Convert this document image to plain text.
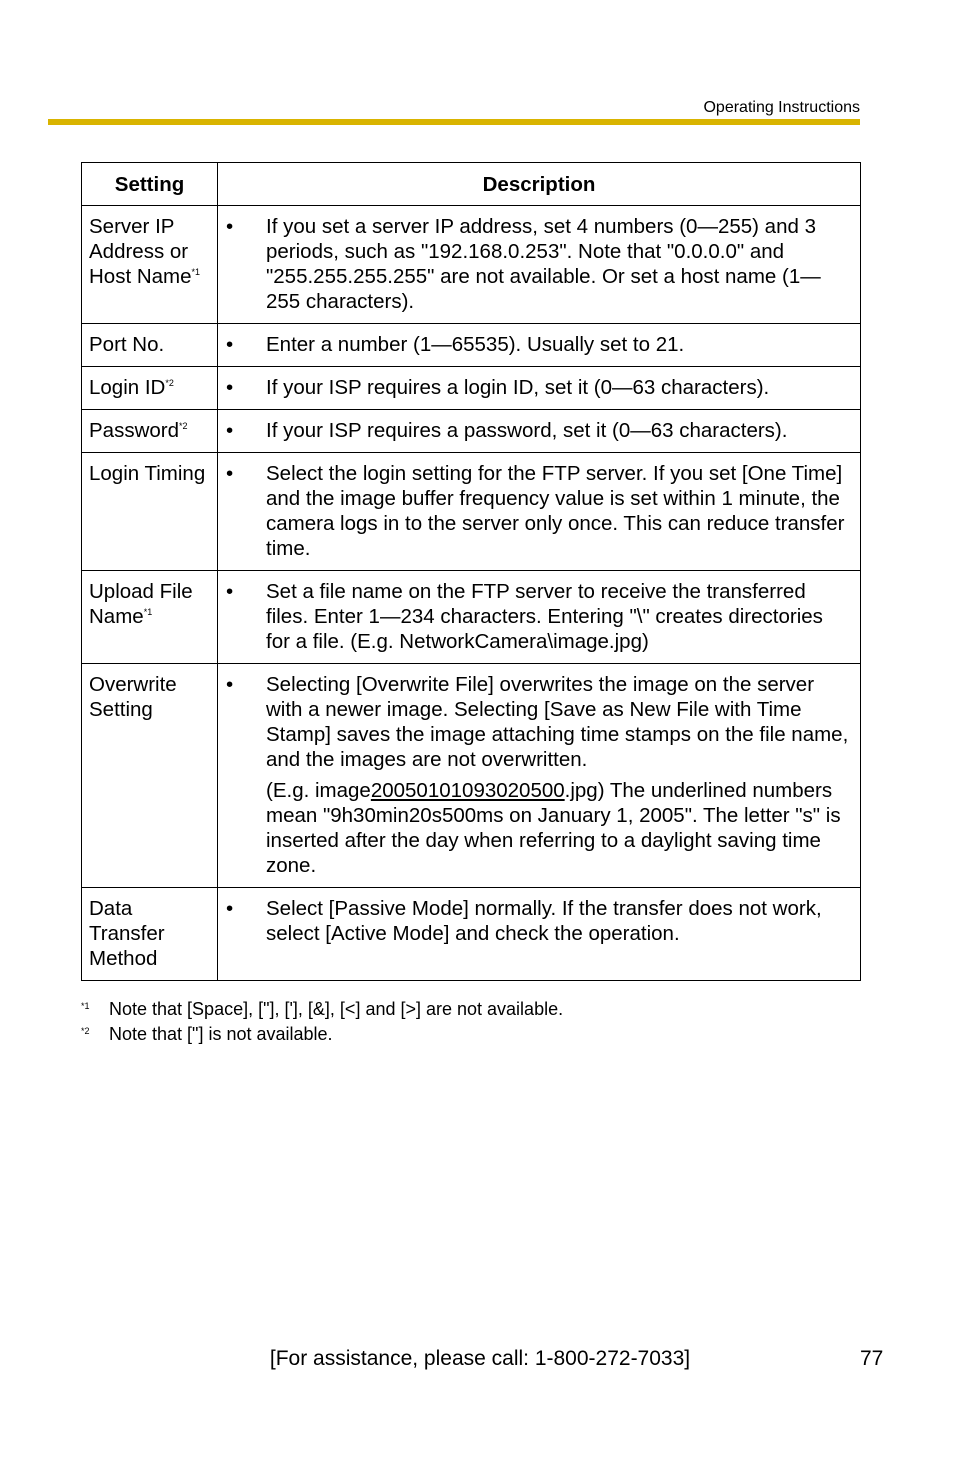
Operating Instructions
Setting	Description
Server IP Address or Host Name$^{*1}$	• If you set a server IP address, set 4 numbers (0—255) and 3 periods, such as "192.168.0.253". Note that "0.0.0.0" and "255.255.255.255" are not available. Or set a host name (1—255 characters).

Port No.	• Enter a number (1—65535). Usually set to 21.

Login ID$^{*2}$	• If your ISP requires a login ID, set it (0—63 characters).

Password$^{*2}$	• If your ISP requires a password, set it (0—63 characters).

Login Timing	• Select the login setting for the FTP server. If you set [One Time] and the image buffer frequency value is set within 1 minute, the camera logs in to the server only once. This can reduce transfer time.

Upload File Name$^{*1}$	• Set a file name on the FTP server to receive the transferred files. Enter 1—234 characters. Entering "\" creates directories for a file. (E.g. NetworkCamera\image.jpg)

Overwrite Setting	• Selecting [Overwrite File] overwrites the image on the server with a newer image. Selecting [Save as New File with Time Stamp] saves the image attaching time stamps on the file name, and the images are not overwritten.
(E.g. image20050101093020500.jpg) The underlined numbers mean "9h30min20s500ms on January 1, 2005". The letter "s" is inserted after the day when referring to a daylight saving time zone.

Data Transfer Method	• Select [Passive Mode] normally. If the transfer does not work, select [Active Mode] and check the operation.
*1	Note that [Space], ["], ['], [&], [<] and [>] are not available.
*2	Note that ["] is not available.
[For assistance, please call: 1-800-272-7033]	77
